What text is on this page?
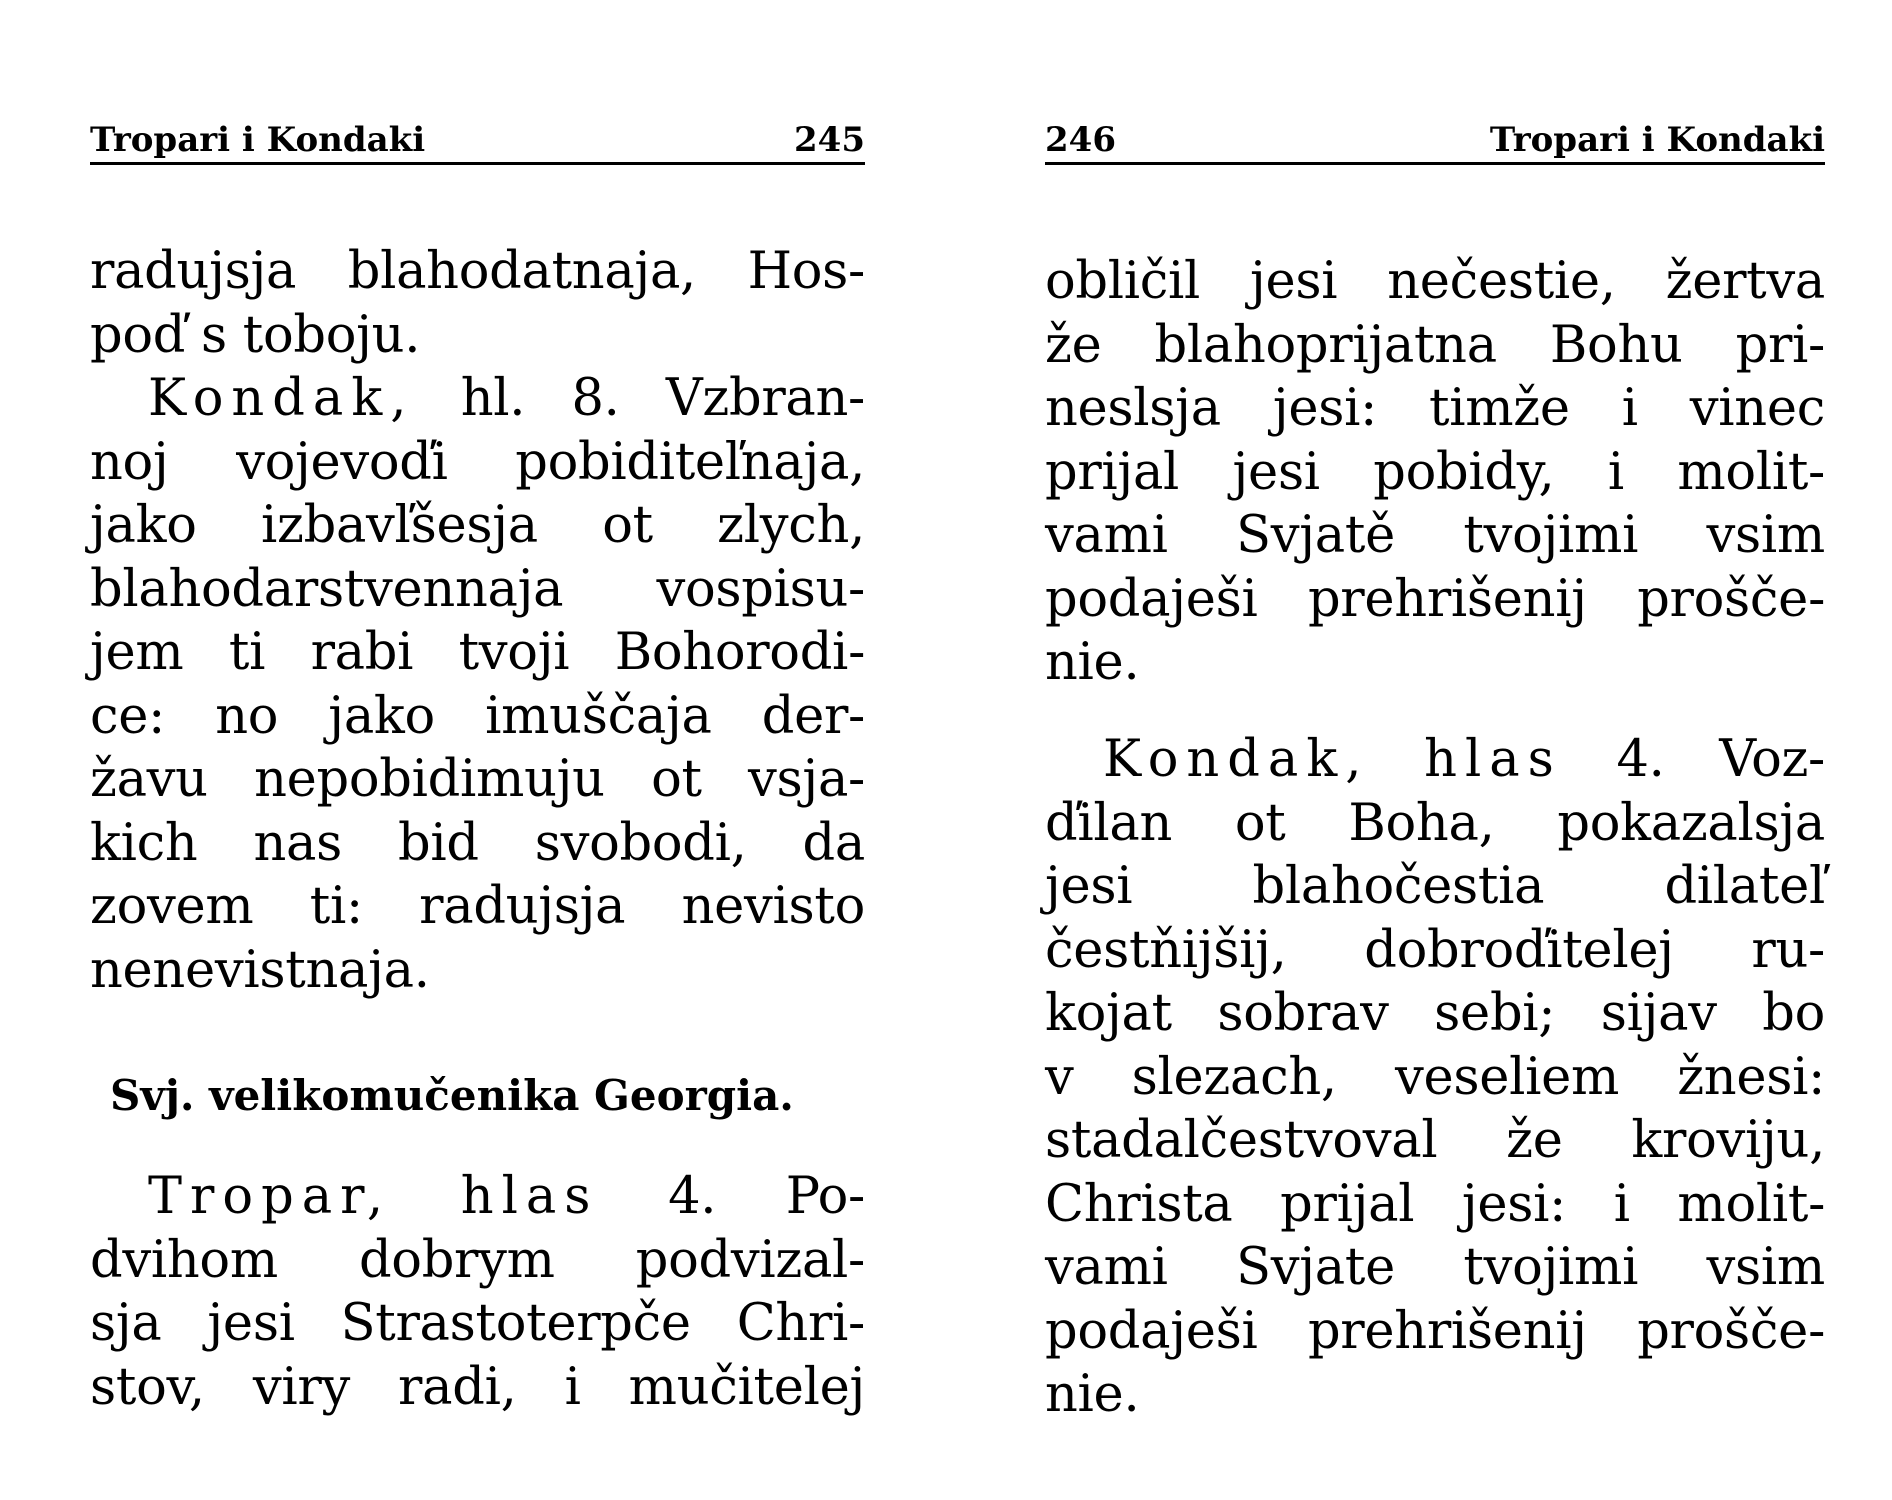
Tropari i Kondaki	245
radujsja blahodatnaja, Hos-
poď s toboju.
Kondak, hl. 8. Vzbran-
noj vojevoďi pobiditeľnaja,
jako izbavľšesja ot zlych,
blahodarstvennaja vospisu-
jem ti rabi tvoji Bohorodi-
ce: no jako imuščaja der-
žavu nepobidimuju ot vsja-
kich nas bid svobodi, da
zovem ti: radujsja nevisto
nenevistnaja.
Svj. velikomučenika Georgia.
Tropar, hlas 4. Po-
dvihom dobrym podvizal-
sja jesi Strastoterpče Chri-
stov, viry radi, i mučitelej
246	Tropari i Kondaki
obličil jesi nečestie, žertva
že blahoprijatna Bohu pri-
neslsja jesi: timže i vinec
prijal jesi pobidy, i molit-
vami Svjatě tvojimi vsim
podaješi prehrišenij prošče-
nie.
Kondak, hlas 4. Voz-
ďilan ot Boha, pokazalsja
jesi blahočestia dilateľ
čestňijšij, dobroďitelej ru-
kojat sobrav sebi; sijav bo
v slezach, veseliem žnesi:
stadalčestvoval že kroviju,
Christa prijal jesi: i molit-
vami Svjate tvojimi vsim
podaješi prehrišenij prošče-
nie.
